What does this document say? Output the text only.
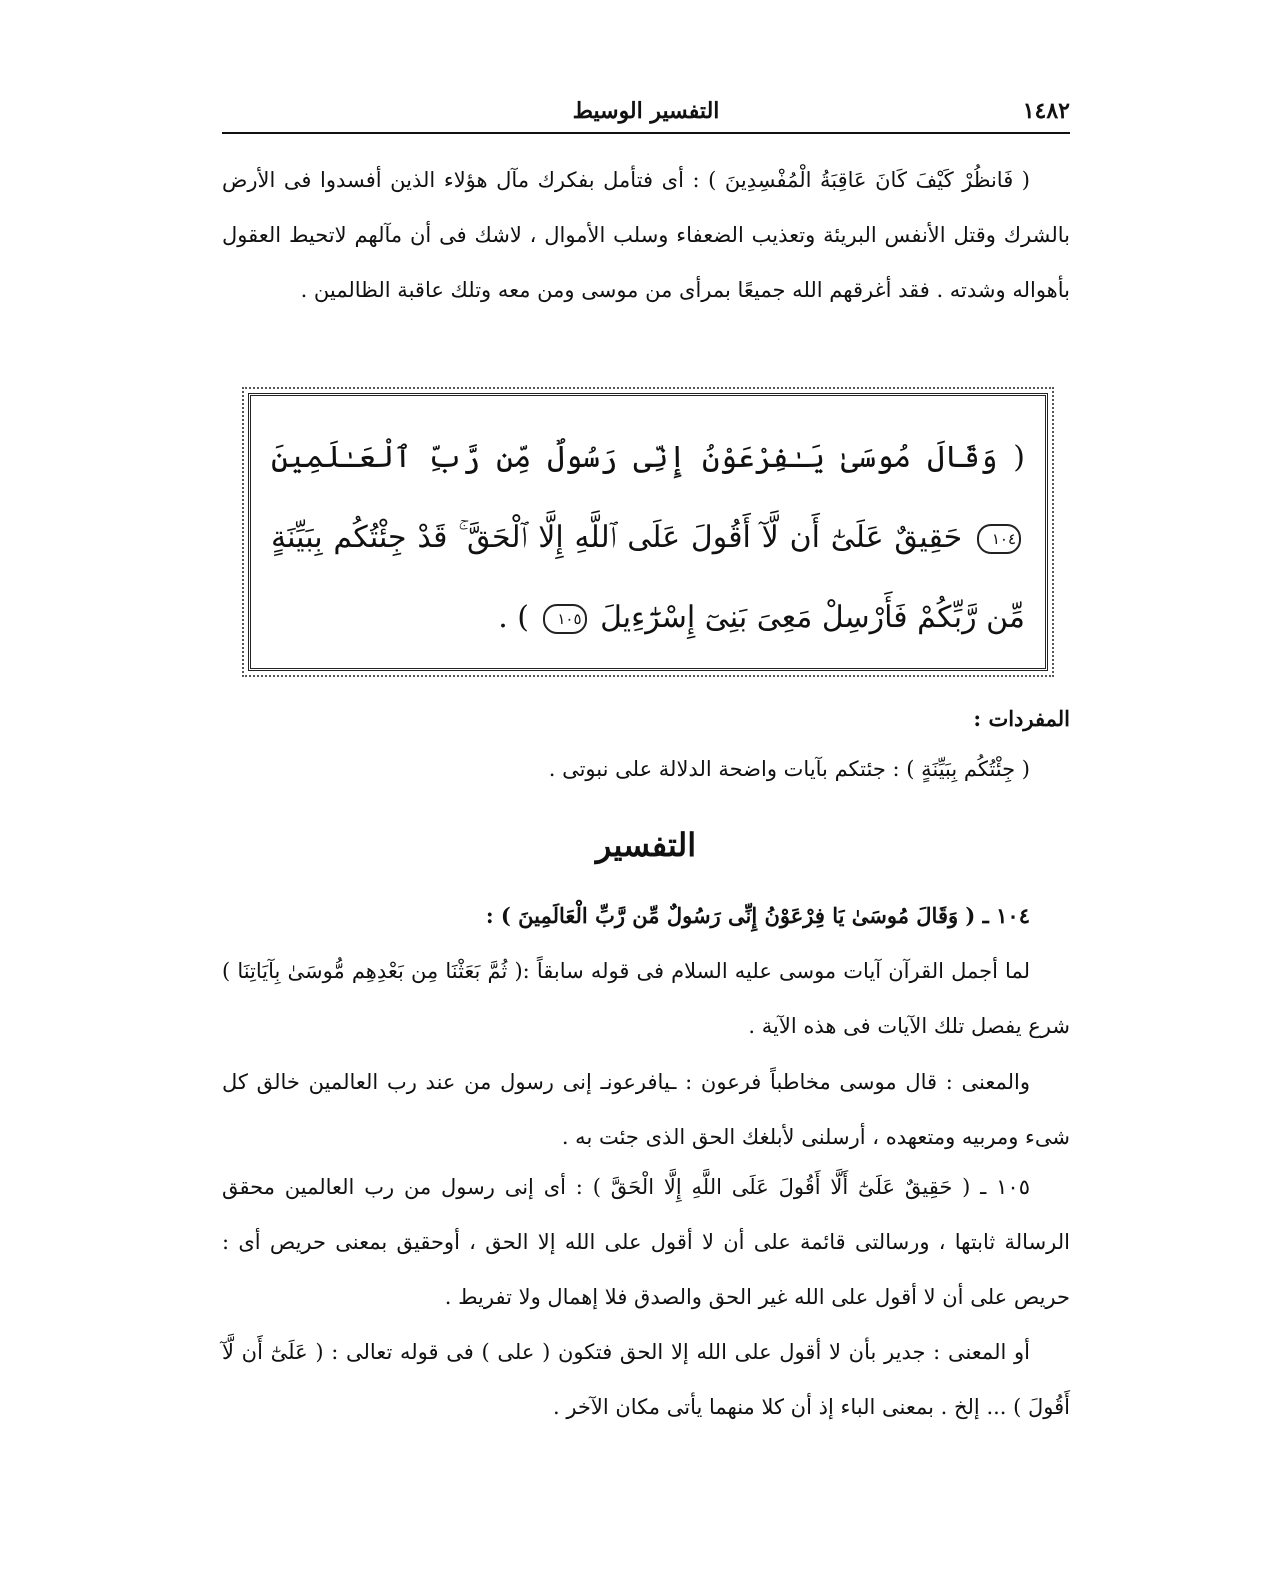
١٤٨٢
التفسير الوسيط

( فَانظُرْ كَيْفَ كَانَ عَاقِبَةُ الْمُفْسِدِينَ ) : أى فتأمل بفكرك مآل هؤلاء الذين أفسدوا فى الأرض بالشرك وقتل الأنفس البريئة وتعذيب الضعفاء وسلب الأموال ، لاشك فى أن مآلهم لاتحيط العقول بأهواله وشدته . فقد أغرقهم الله جميعًا بمرأى من موسى ومن معه وتلك عاقبة الظالمين .

( وَقَالَ مُوسَىٰ يَـٰفِرْعَوْنُ إِنِّى رَسُولٌ مِّن رَّبِّ ٱلْعَـٰلَمِينَ ١٠٤ حَقِيقٌ عَلَىٰٓ أَن لَّآ أَقُولَ عَلَى ٱللَّهِ إِلَّا ٱلْحَقَّ ۚ قَدْ جِئْتُكُم بِبَيِّنَةٍ مِّن رَّبِّكُمْ فَأَرْسِلْ مَعِىَ بَنِىٓ إِسْرَٰٓءِيلَ ١٠٥ ) .

المفردات :

( جِئْتُكُم بِبَيِّنَةٍ ) : جئتكم بآيات واضحة الدلالة على نبوتى .

التفسير

١٠٤ ـ ( وَقَالَ مُوسَىٰ يَا فِرْعَوْنُ إِنِّى رَسُولٌ مِّن رَّبِّ الْعَالَمِينَ ) :

لما أجمل القرآن آيات موسى عليه السلام فى قوله سابقاً :( ثُمَّ بَعَثْنَا مِن بَعْدِهِم مُّوسَىٰ بِآيَاتِنَا ) شرع يفصل تلك الآيات فى هذه الآية .

والمعنى : قال موسى مخاطباً فرعون : ـيافرعونـ إنى رسول من عند رب العالمين خالق كل شىء ومربيه ومتعهده ، أرسلنى لأبلغك الحق الذى جئت به .

١٠٥ ـ ( حَقِيقٌ عَلَىٰٓ أَلَّا أَقُولَ عَلَى اللَّهِ إِلَّا الْحَقَّ ) : أى إنى رسول من رب العالمين محقق الرسالة ثابتها ، ورسالتى قائمة على أن لا أقول على الله إلا الحق ، أوحقيق بمعنى حريص أى : حريص على أن لا أقول على الله غير الحق والصدق فلا إهمال ولا تفريط .

أو المعنى : جدير بأن لا أقول على الله إلا الحق فتكون ( على ) فى قوله تعالى : ( عَلَىٰٓ أَن لَّآ أَقُولَ ) ... إلخ . بمعنى الباء إذ أن كلا منهما يأتى مكان الآخر .
